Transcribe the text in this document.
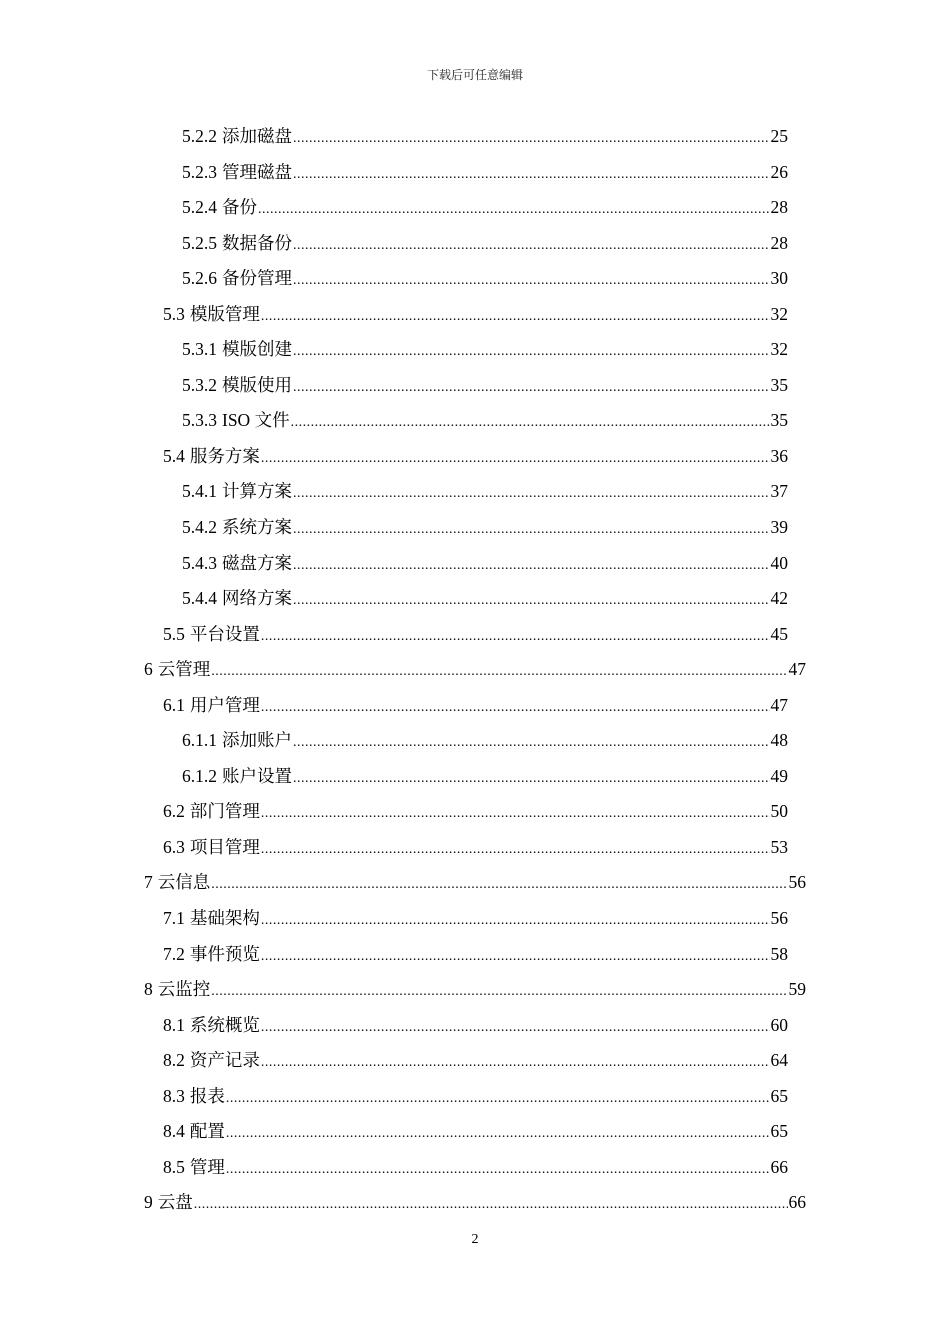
下载后可任意编辑
5.2.2 添加磁盘 .....	25
5.2.3 管理磁盘 .....	26
5.2.4 备份 .....	28
5.2.5 数据备份 .....	28
5.2.6 备份管理 .....	30
5.3 模版管理 .....	32
5.3.1 模版创建 .....	32
5.3.2 模版使用 .....	35
5.3.3 ISO 文件 .....	35
5.4 服务方案 .....	36
5.4.1 计算方案 .....	37
5.4.2 系统方案 .....	39
5.4.3 磁盘方案 .....	40
5.4.4 网络方案 .....	42
5.5 平台设置 .....	45
6 云管理 .....	47
6.1 用户管理 .....	47
6.1.1 添加账户 .....	48
6.1.2 账户设置 .....	49
6.2 部门管理 .....	50
6.3 项目管理 .....	53
7 云信息 .....	56
7.1 基础架构 .....	56
7.2 事件预览 .....	58
8 云监控 .....	59
8.1 系统概览 .....	60
8.2 资产记录 .....	64
8.3 报表 .....	65
8.4 配置 .....	65
8.5 管理 .....	66
9 云盘 .....	66
2
